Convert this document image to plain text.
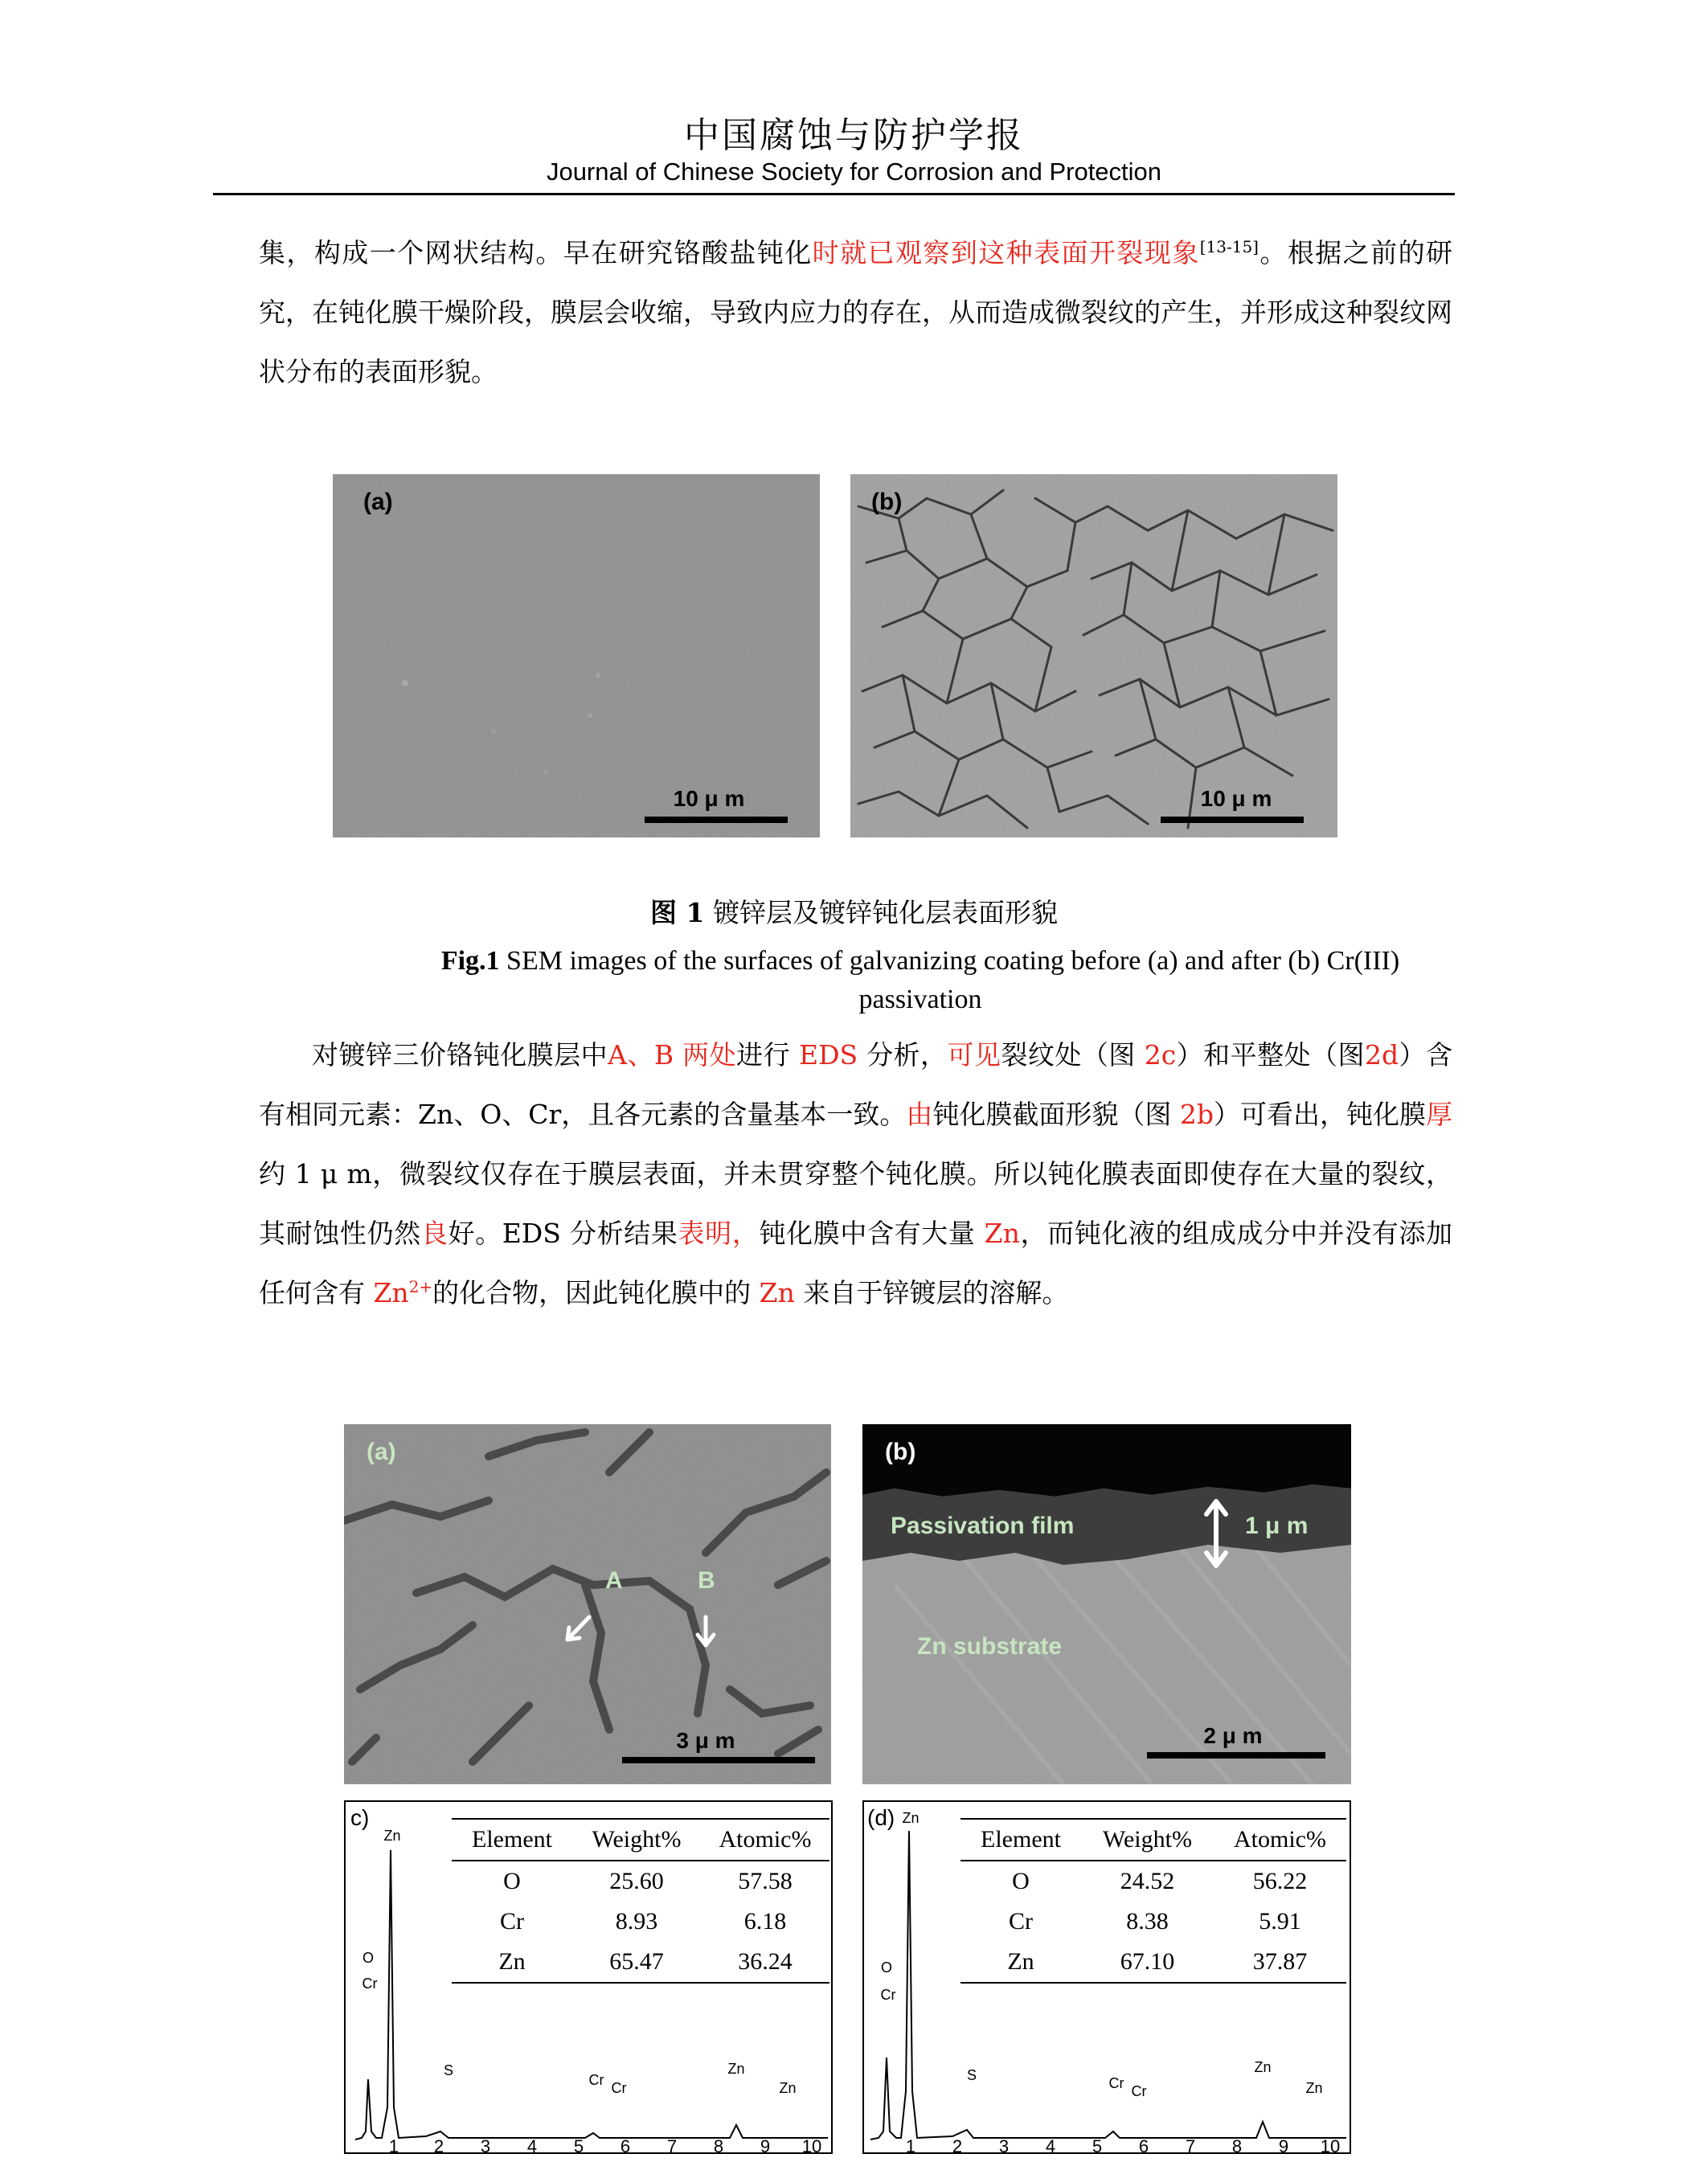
中国腐蚀与防护学报
Journal of Chinese Society for Corrosion and Protection
集，构成一个网状结构。早在研究铬酸盐钝化时就已观察到这种表面开裂现象[13-15]。根据之前的研究，在钝化膜干燥阶段，膜层会收缩，导致内应力的存在，从而造成微裂纹的产生，并形成这种裂纹网状分布的表面形貌。
(a)
10 μ m
(b)
10 μ m
图 1 镀锌层及镀锌钝化层表面形貌
Fig.1 SEM images of the surfaces of galvanizing coating before (a) and after (b) Cr(III) passivation
对镀锌三价铬钝化膜层中A、B 两处进行 EDS 分析，可见裂纹处（图 2c）和平整处（图2d）含有相同元素：Zn、O、Cr，且各元素的含量基本一致。由钝化膜截面形貌（图 2b）可看出，钝化膜厚约 1 μ m，微裂纹仅存在于膜层表面，并未贯穿整个钝化膜。所以钝化膜表面即使存在大量的裂纹，其耐蚀性仍然良好。EDS 分析结果表明，钝化膜中含有大量 Zn，而钝化液的组成成分中并没有添加任何含有 $Zn^{2+}$的化合物，因此钝化膜中的 Zn 来自于锌镀层的溶解。
(a)
A	B
3 μ m
(b)
Passivation film	1 μ m
Zn substrate
2 μ m
1 2 3 4 5 6 7 8 9 10
Zn
O
Cr
S
Cr Cr
Zn
Zn
c)
Element	Weight%	Atomic%
O	25.60	57.58
Cr	8.93	6.18
Zn	65.47	36.24
1 2 3 4 5 6 7 8 9 10
Zn
O
Cr
S	Cr Cr
Zn
Zn
(d)
Element	Weight%	Atomic%
O	24.52	56.22
Cr	8.38	5.91
Zn	67.10	37.87
